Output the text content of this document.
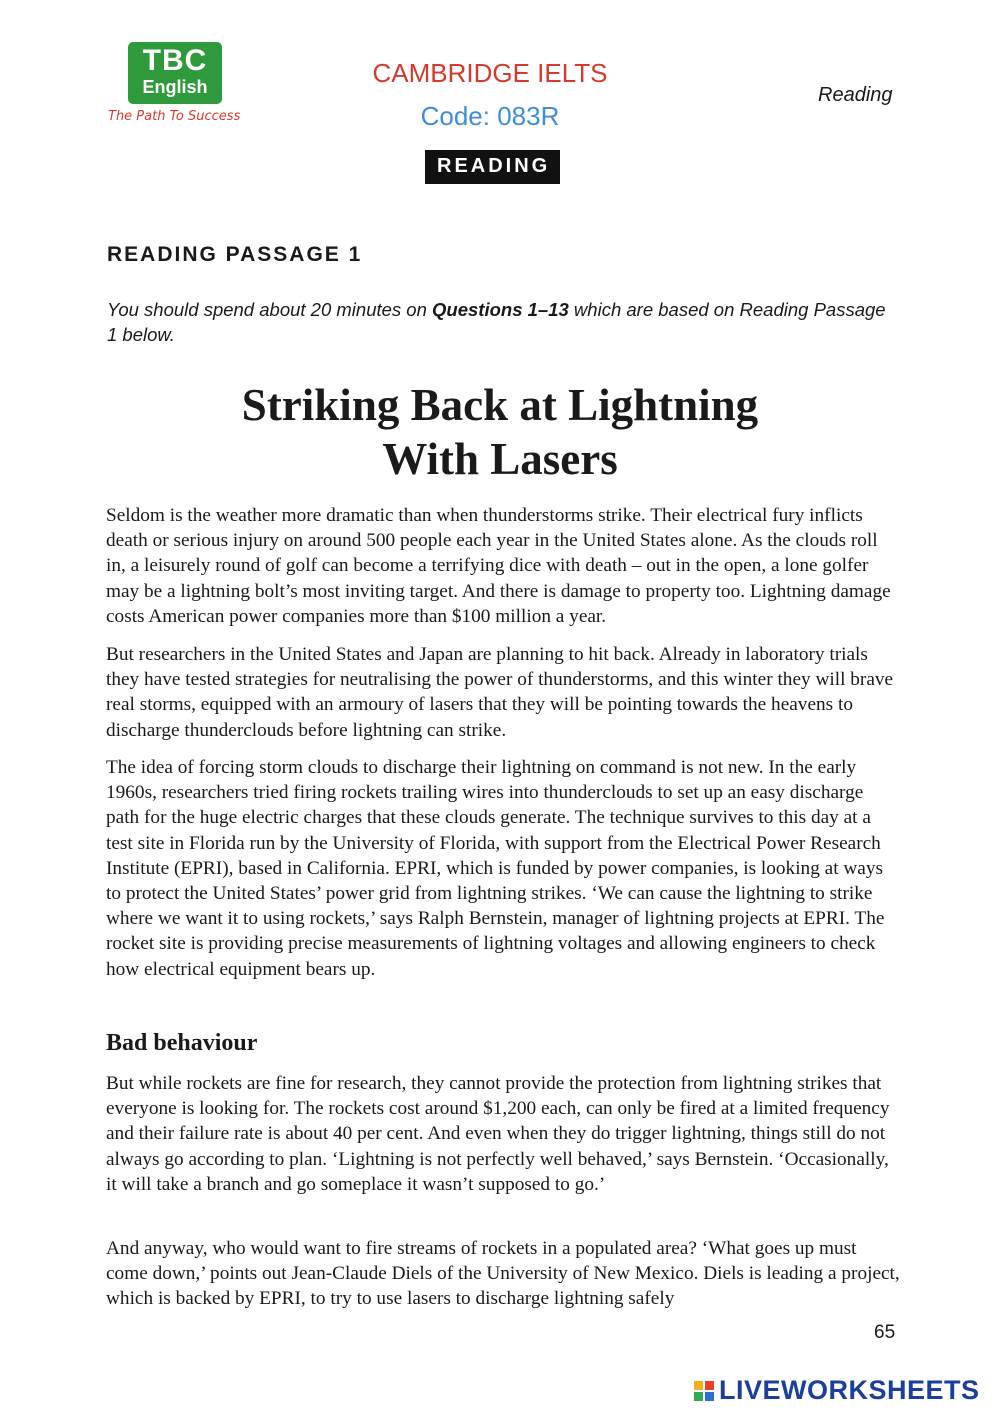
TBC
English
The Path To Success
CAMBRIDGE IELTS
Code: 083R
READING
Reading
READING PASSAGE 1
You should spend about 20 minutes on Questions 1–13 which are based on Reading Passage 1 below.
Striking Back at Lightning
With Lasers
Seldom is the weather more dramatic than when thunderstorms strike. Their electrical fury inflicts death or serious injury on around 500 people each year in the United States alone. As the clouds roll in, a leisurely round of golf can become a terrifying dice with death – out in the open, a lone golfer may be a lightning bolt’s most inviting target. And there is damage to property too. Lightning damage costs American power companies more than $100 million a year.
But researchers in the United States and Japan are planning to hit back. Already in laboratory trials they have tested strategies for neutralising the power of thunderstorms, and this winter they will brave real storms, equipped with an armoury of lasers that they will be pointing towards the heavens to discharge thunderclouds before lightning can strike.
The idea of forcing storm clouds to discharge their lightning on command is not new. In the early 1960s, researchers tried firing rockets trailing wires into thunderclouds to set up an easy discharge path for the huge electric charges that these clouds generate. The technique survives to this day at a test site in Florida run by the University of Florida, with support from the Electrical Power Research Institute (EPRI), based in California. EPRI, which is funded by power companies, is looking at ways to protect the United States’ power grid from lightning strikes. ‘We can cause the lightning to strike where we want it to using rockets,’ says Ralph Bernstein, manager of lightning projects at EPRI. The rocket site is providing precise measurements of lightning voltages and allowing engineers to check how electrical equipment bears up.
Bad behaviour
But while rockets are fine for research, they cannot provide the protection from lightning strikes that everyone is looking for. The rockets cost around $1,200 each, can only be fired at a limited frequency and their failure rate is about 40 per cent. And even when they do trigger lightning, things still do not always go according to plan. ‘Lightning is not perfectly well behaved,’ says Bernstein. ‘Occasionally, it will take a branch and go someplace it wasn’t supposed to go.’
And anyway, who would want to fire streams of rockets in a populated area? ‘What goes up must come down,’ points out Jean-Claude Diels of the University of New Mexico. Diels is leading a project, which is backed by EPRI, to try to use lasers to discharge lightning safely
65
LIVEWORKSHEETS
